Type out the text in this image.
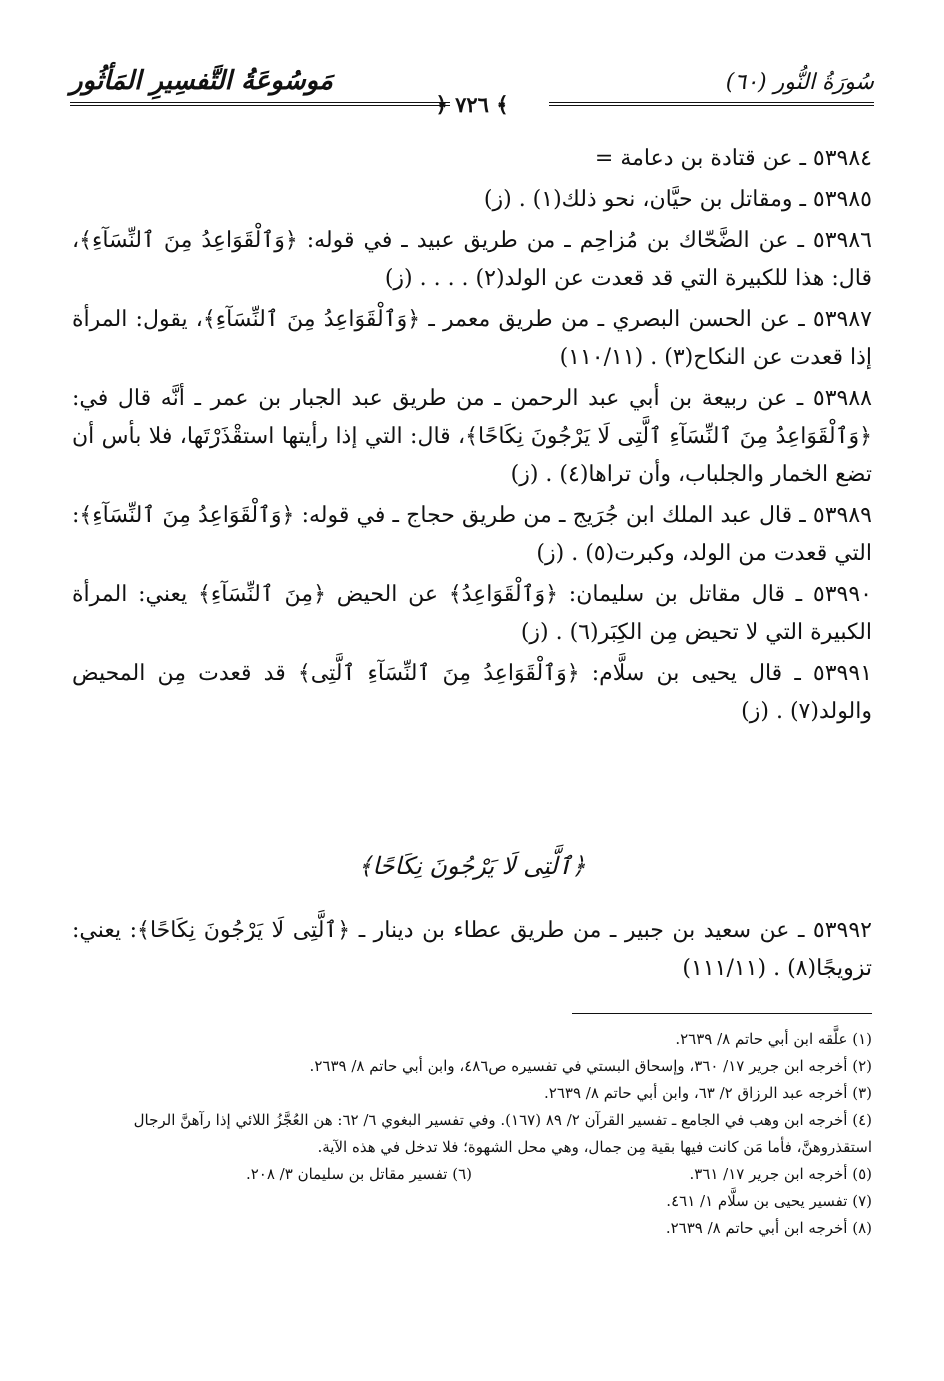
سُورَةُ النُّور (٦٠)
﴾ ٧٢٦ ﴿
مَوسُوعَةُ التَّفسِيرِ المَأثُور

٥٣٩٨٤ ـ عن قتادة بن دعامة =

٥٣٩٨٥ ـ ومقاتل بن حيَّان، نحو ذلك(١) . (ز)

٥٣٩٨٦ ـ عن الضَّحّاك بن مُزاحِم ـ من طريق عبيد ـ في قوله: ﴿وَٱلْقَوَاعِدُ مِنَ ٱلنِّسَآءِ﴾، قال: هذا للكبيرة التي قد قعدت عن الولد(٢) . . . . (ز)

٥٣٩٨٧ ـ عن الحسن البصري ـ من طريق معمر ـ ﴿وَٱلْقَوَاعِدُ مِنَ ٱلنِّسَآءِ﴾، يقول: المرأة إذا قعدت عن النكاح(٣) . (١١٠/١١)

٥٣٩٨٨ ـ عن ربيعة بن أبي عبد الرحمن ـ من طريق عبد الجبار بن عمر ـ أنَّه قال في: ﴿وَٱلْقَوَاعِدُ مِنَ ٱلنِّسَآءِ ٱلَّتِى لَا يَرْجُونَ نِكَاحًا﴾، قال: التي إذا رأيتها استقْذَرْتَها، فلا بأس أن تضع الخمار والجلباب، وأن تراها(٤) . (ز)

٥٣٩٨٩ ـ قال عبد الملك ابن جُرَيج ـ من طريق حجاج ـ في قوله: ﴿وَٱلْقَوَاعِدُ مِنَ ٱلنِّسَآءِ﴾: التي قعدت من الولد، وكبرت(٥) . (ز)

٥٣٩٩٠ ـ قال مقاتل بن سليمان: ﴿وَٱلْقَوَاعِدُ﴾ عن الحيض ﴿مِنَ ٱلنِّسَآءِ﴾ يعني: المرأة الكبيرة التي لا تحيض مِن الكِبَر(٦) . (ز)

٥٣٩٩١ ـ قال يحيى بن سلَّام: ﴿وَٱلْقَوَاعِدُ مِنَ ٱلنِّسَآءِ ٱلَّتِى﴾ قد قعدت مِن المحيض والولد(٧) . (ز)

﴿ٱلَّتِى لَا يَرْجُونَ نِكَاحًا﴾

٥٣٩٩٢ ـ عن سعيد بن جبير ـ من طريق عطاء بن دينار ـ ﴿ٱلَّتِى لَا يَرْجُونَ نِكَاحًا﴾: يعني: تزويجًا(٨) . (١١١/١١)

(١) علَّقه ابن أبي حاتم ٨/ ٢٦٣٩.

(٢) أخرجه ابن جرير ١٧/ ٣٦٠، وإسحاق البستي في تفسيره ص٤٨٦، وابن أبي حاتم ٨/ ٢٦٣٩.

(٣) أخرجه عبد الرزاق ٢/ ٦٣، وابن أبي حاتم ٨/ ٢٦٣٩.

(٤) أخرجه ابن وهب في الجامع ـ تفسير القرآن ٢/ ٨٩ (١٦٧). وفي تفسير البغوي ٦/ ٦٢: هن العُجَّزُ اللائي إذا رآهنَّ الرجال استقذروهنَّ، فأما مَن كانت فيها بقية مِن جمال، وهي محل الشهوة؛ فلا تدخل في هذه الآية.

(٥) أخرجه ابن جرير ١٧/ ٣٦١.

(٦) تفسير مقاتل بن سليمان ٣/ ٢٠٨.

(٧) تفسير يحيى بن سلَّام ١/ ٤٦١.

(٨) أخرجه ابن أبي حاتم ٨/ ٢٦٣٩.
